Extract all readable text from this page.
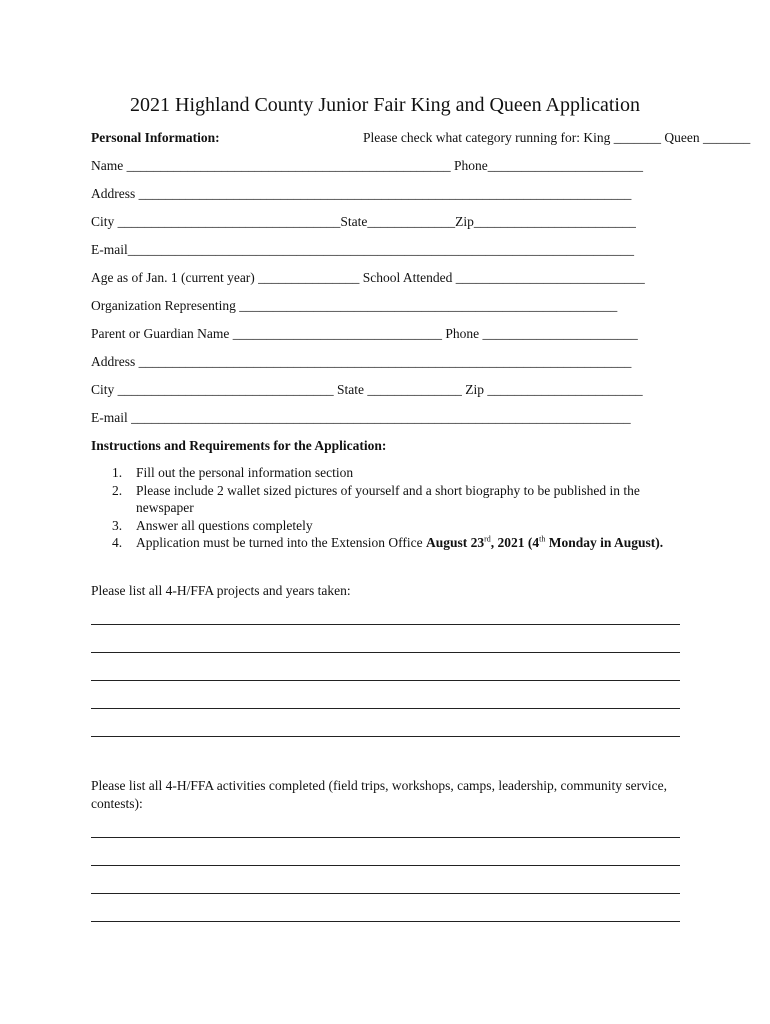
2021 Highland County Junior Fair King and Queen Application
Personal Information:	Please check what category running for: King _______ Queen _______
Name ________________________________________________ Phone_______________________
Address _________________________________________________________________________
City _________________________________State_____________Zip________________________
E-mail___________________________________________________________________________
Age as of Jan. 1 (current year) _______________ School Attended ____________________________
Organization Representing ________________________________________________________
Parent or Guardian Name _______________________________ Phone _______________________
Address _________________________________________________________________________
City ________________________________ State ______________ Zip _______________________
E-mail __________________________________________________________________________
Instructions and Requirements for the Application:
1. Fill out the personal information section
2. Please include 2 wallet sized pictures of yourself and a short biography to be published in the newspaper
3. Answer all questions completely
4. Application must be turned into the Extension Office August 23rd, 2021 (4th Monday in August).
Please list all 4-H/FFA projects and years taken:
Please list all 4-H/FFA activities completed (field trips, workshops, camps, leadership, community service, contests):
